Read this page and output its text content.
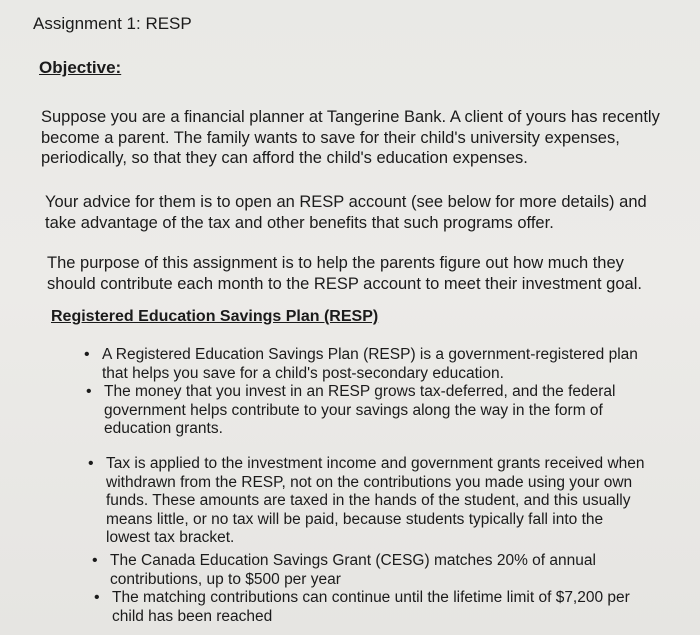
Assignment 1: RESP
Objective:

Suppose you are a financial planner at Tangerine Bank. A client of yours has recently
become a parent. The family wants to save for their child's university expenses,
periodically, so that they can afford the child's education expenses.

Your advice for them is to open an RESP account (see below for more details) and
take advantage of the tax and other benefits that such programs offer.

The purpose of this assignment is to help the parents figure out how much they
should contribute each month to the RESP account to meet their investment goal.

Registered Education Savings Plan (RESP)
• A Registered Education Savings Plan (RESP) is a government-registered plan
that helps you save for a child's post-secondary education.
• The money that you invest in an RESP grows tax-deferred, and the federal
government helps contribute to your savings along the way in the form of
education grants.
• Tax is applied to the investment income and government grants received when
withdrawn from the RESP, not on the contributions you made using your own
funds. These amounts are taxed in the hands of the student, and this usually
means little, or no tax will be paid, because students typically fall into the
lowest tax bracket.
• The Canada Education Savings Grant (CESG) matches 20% of annual
contributions, up to $500 per year
• The matching contributions can continue until the lifetime limit of $7,200 per
child has been reached
